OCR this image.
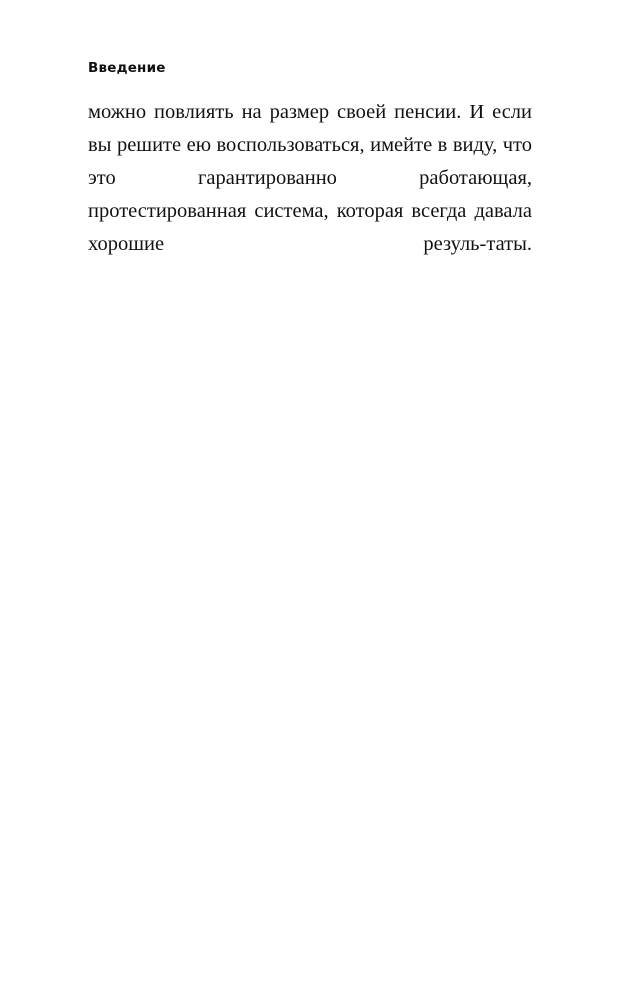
Введение

можно повлиять на размер своей пенсии. И если вы решите ею воспользоваться, имейте в виду, что это гарантированно работающая, протестированная система, которая всегда давала хорошие резуль-таты.
